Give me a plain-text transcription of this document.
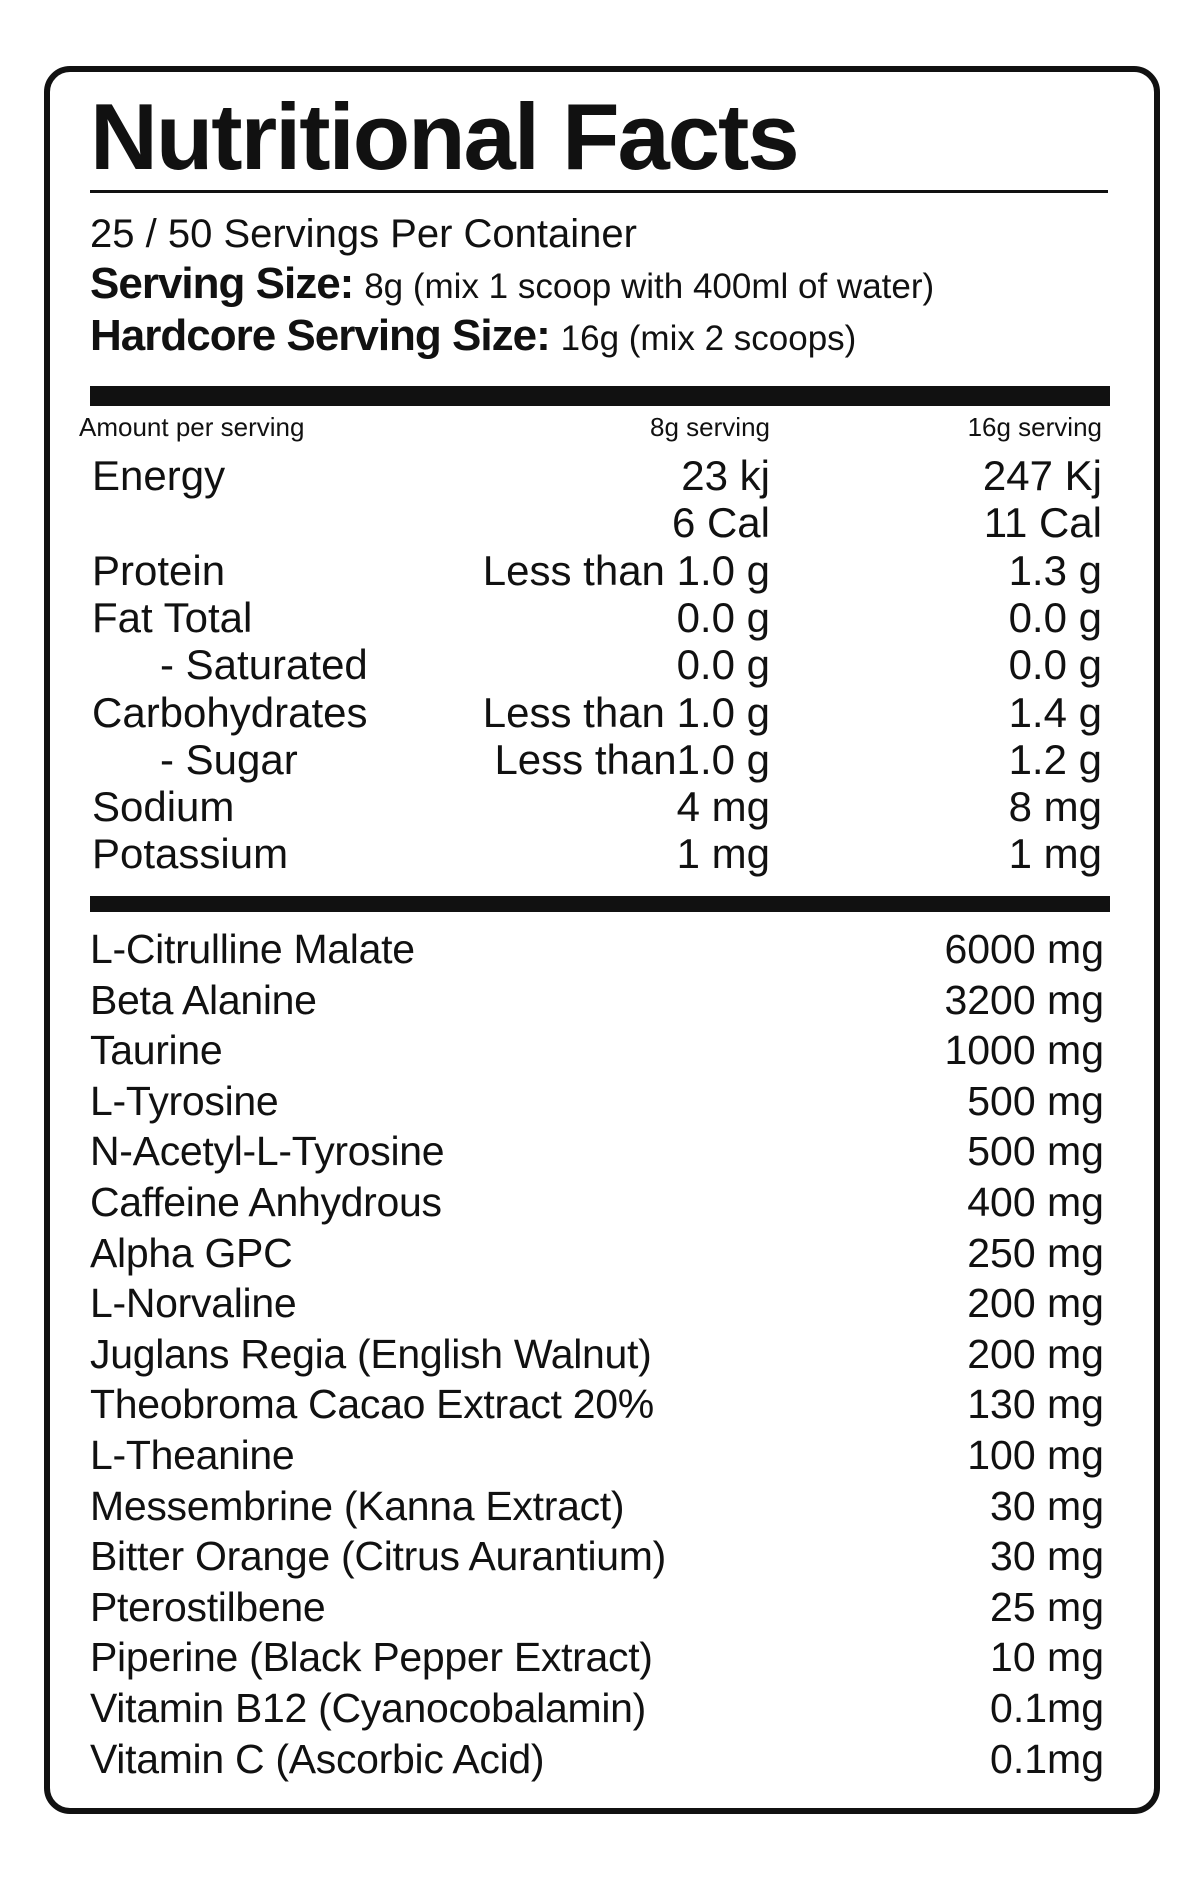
Nutritional Facts
25 / 50 Servings Per Container
Serving Size: 8g (mix 1 scoop with 400ml of water)
Hardcore Serving Size: 16g (mix 2 scoops)
Amount per serving	8g serving	16g serving
Energy	23 kj	247 Kj
6 Cal	11 Cal
Protein	Less than 1.0 g	1.3 g
Fat Total	0.0 g	0.0 g
- Saturated	0.0 g	0.0 g
Carbohydrates	Less than 1.0 g	1.4 g
- Sugar	Less than1.0 g	1.2 g
Sodium	4 mg	8 mg
Potassium	1 mg	1 mg
L-Citrulline Malate	6000 mg
Beta Alanine	3200 mg
Taurine	1000 mg
L-Tyrosine	500 mg
N-Acetyl-L-Tyrosine	500 mg
Caffeine Anhydrous	400 mg
Alpha GPC	250 mg
L-Norvaline	200 mg
Juglans Regia (English Walnut)	200 mg
Theobroma Cacao Extract 20%	130 mg
L-Theanine	100 mg
Messembrine (Kanna Extract)	30 mg
Bitter Orange (Citrus Aurantium)	30 mg
Pterostilbene	25 mg
Piperine (Black Pepper Extract)	10 mg
Vitamin B12 (Cyanocobalamin)	0.1mg
Vitamin C (Ascorbic Acid)	0.1mg
